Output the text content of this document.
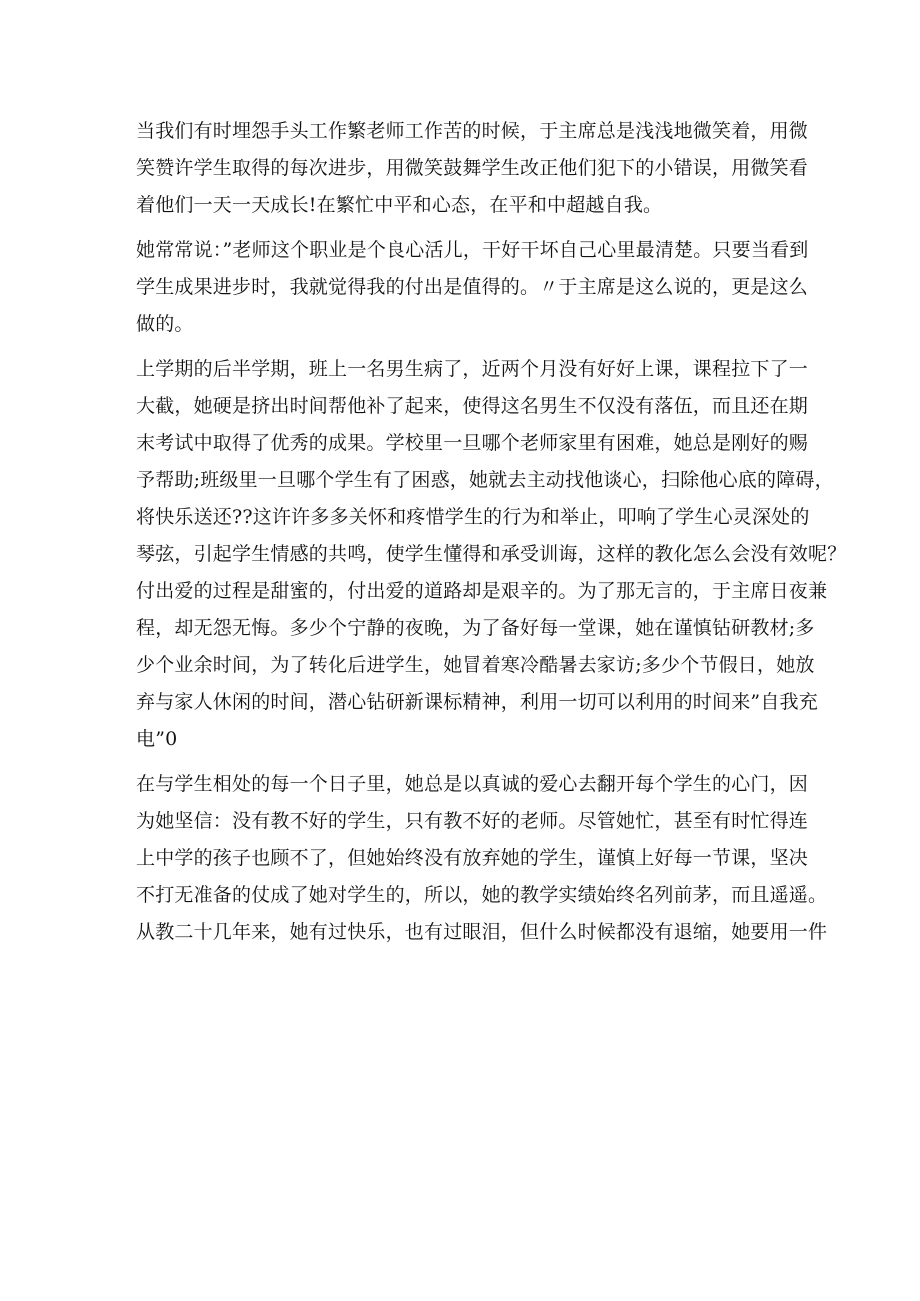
当我们有时埋怨手头工作繁老师工作苦的时候，于主席总是浅浅地微笑着，用微
笑赞许学生取得的每次进步，用微笑鼓舞学生改正他们犯下的小错误，用微笑看
着他们一天一天成长!在繁忙中平和心态，在平和中超越自我。
她常常说：”老师这个职业是个良心活儿，干好干坏自己心里最清楚。只要当看到
学生成果进步时，我就觉得我的付出是值得的。〃于主席是这么说的，更是这么
做的。
上学期的后半学期，班上一名男生病了，近两个月没有好好上课，课程拉下了一
大截，她硬是挤出时间帮他补了起来，使得这名男生不仅没有落伍，而且还在期
末考试中取得了优秀的成果。学校里一旦哪个老师家里有困难，她总是刚好的赐
予帮助;班级里一旦哪个学生有了困惑，她就去主动找他谈心，扫除他心底的障碍，
将快乐送还??这许许多多关怀和疼惜学生的行为和举止，叩响了学生心灵深处的
琴弦，引起学生情感的共鸣，使学生懂得和承受训诲，这样的教化怎么会没有效呢？
付出爱的过程是甜蜜的，付出爱的道路却是艰辛的。为了那无言的，于主席日夜兼
程，却无怨无悔。多少个宁静的夜晚，为了备好每一堂课，她在谨慎钻研教材;多
少个业余时间，为了转化后进学生，她冒着寒冷酷暑去家访;多少个节假日，她放
弃与家人休闲的时间，潜心钻研新课标精神，利用一切可以利用的时间来”自我充
电”0
在与学生相处的每一个日子里，她总是以真诚的爱心去翻开每个学生的心门，因
为她坚信：没有教不好的学生，只有教不好的老师。尽管她忙，甚至有时忙得连
上中学的孩子也顾不了，但她始终没有放弃她的学生，谨慎上好每一节课，坚决
不打无准备的仗成了她对学生的，所以，她的教学实绩始终名列前茅，而且遥遥。
从教二十几年来，她有过快乐，也有过眼泪，但什么时候都没有退缩，她要用一件
